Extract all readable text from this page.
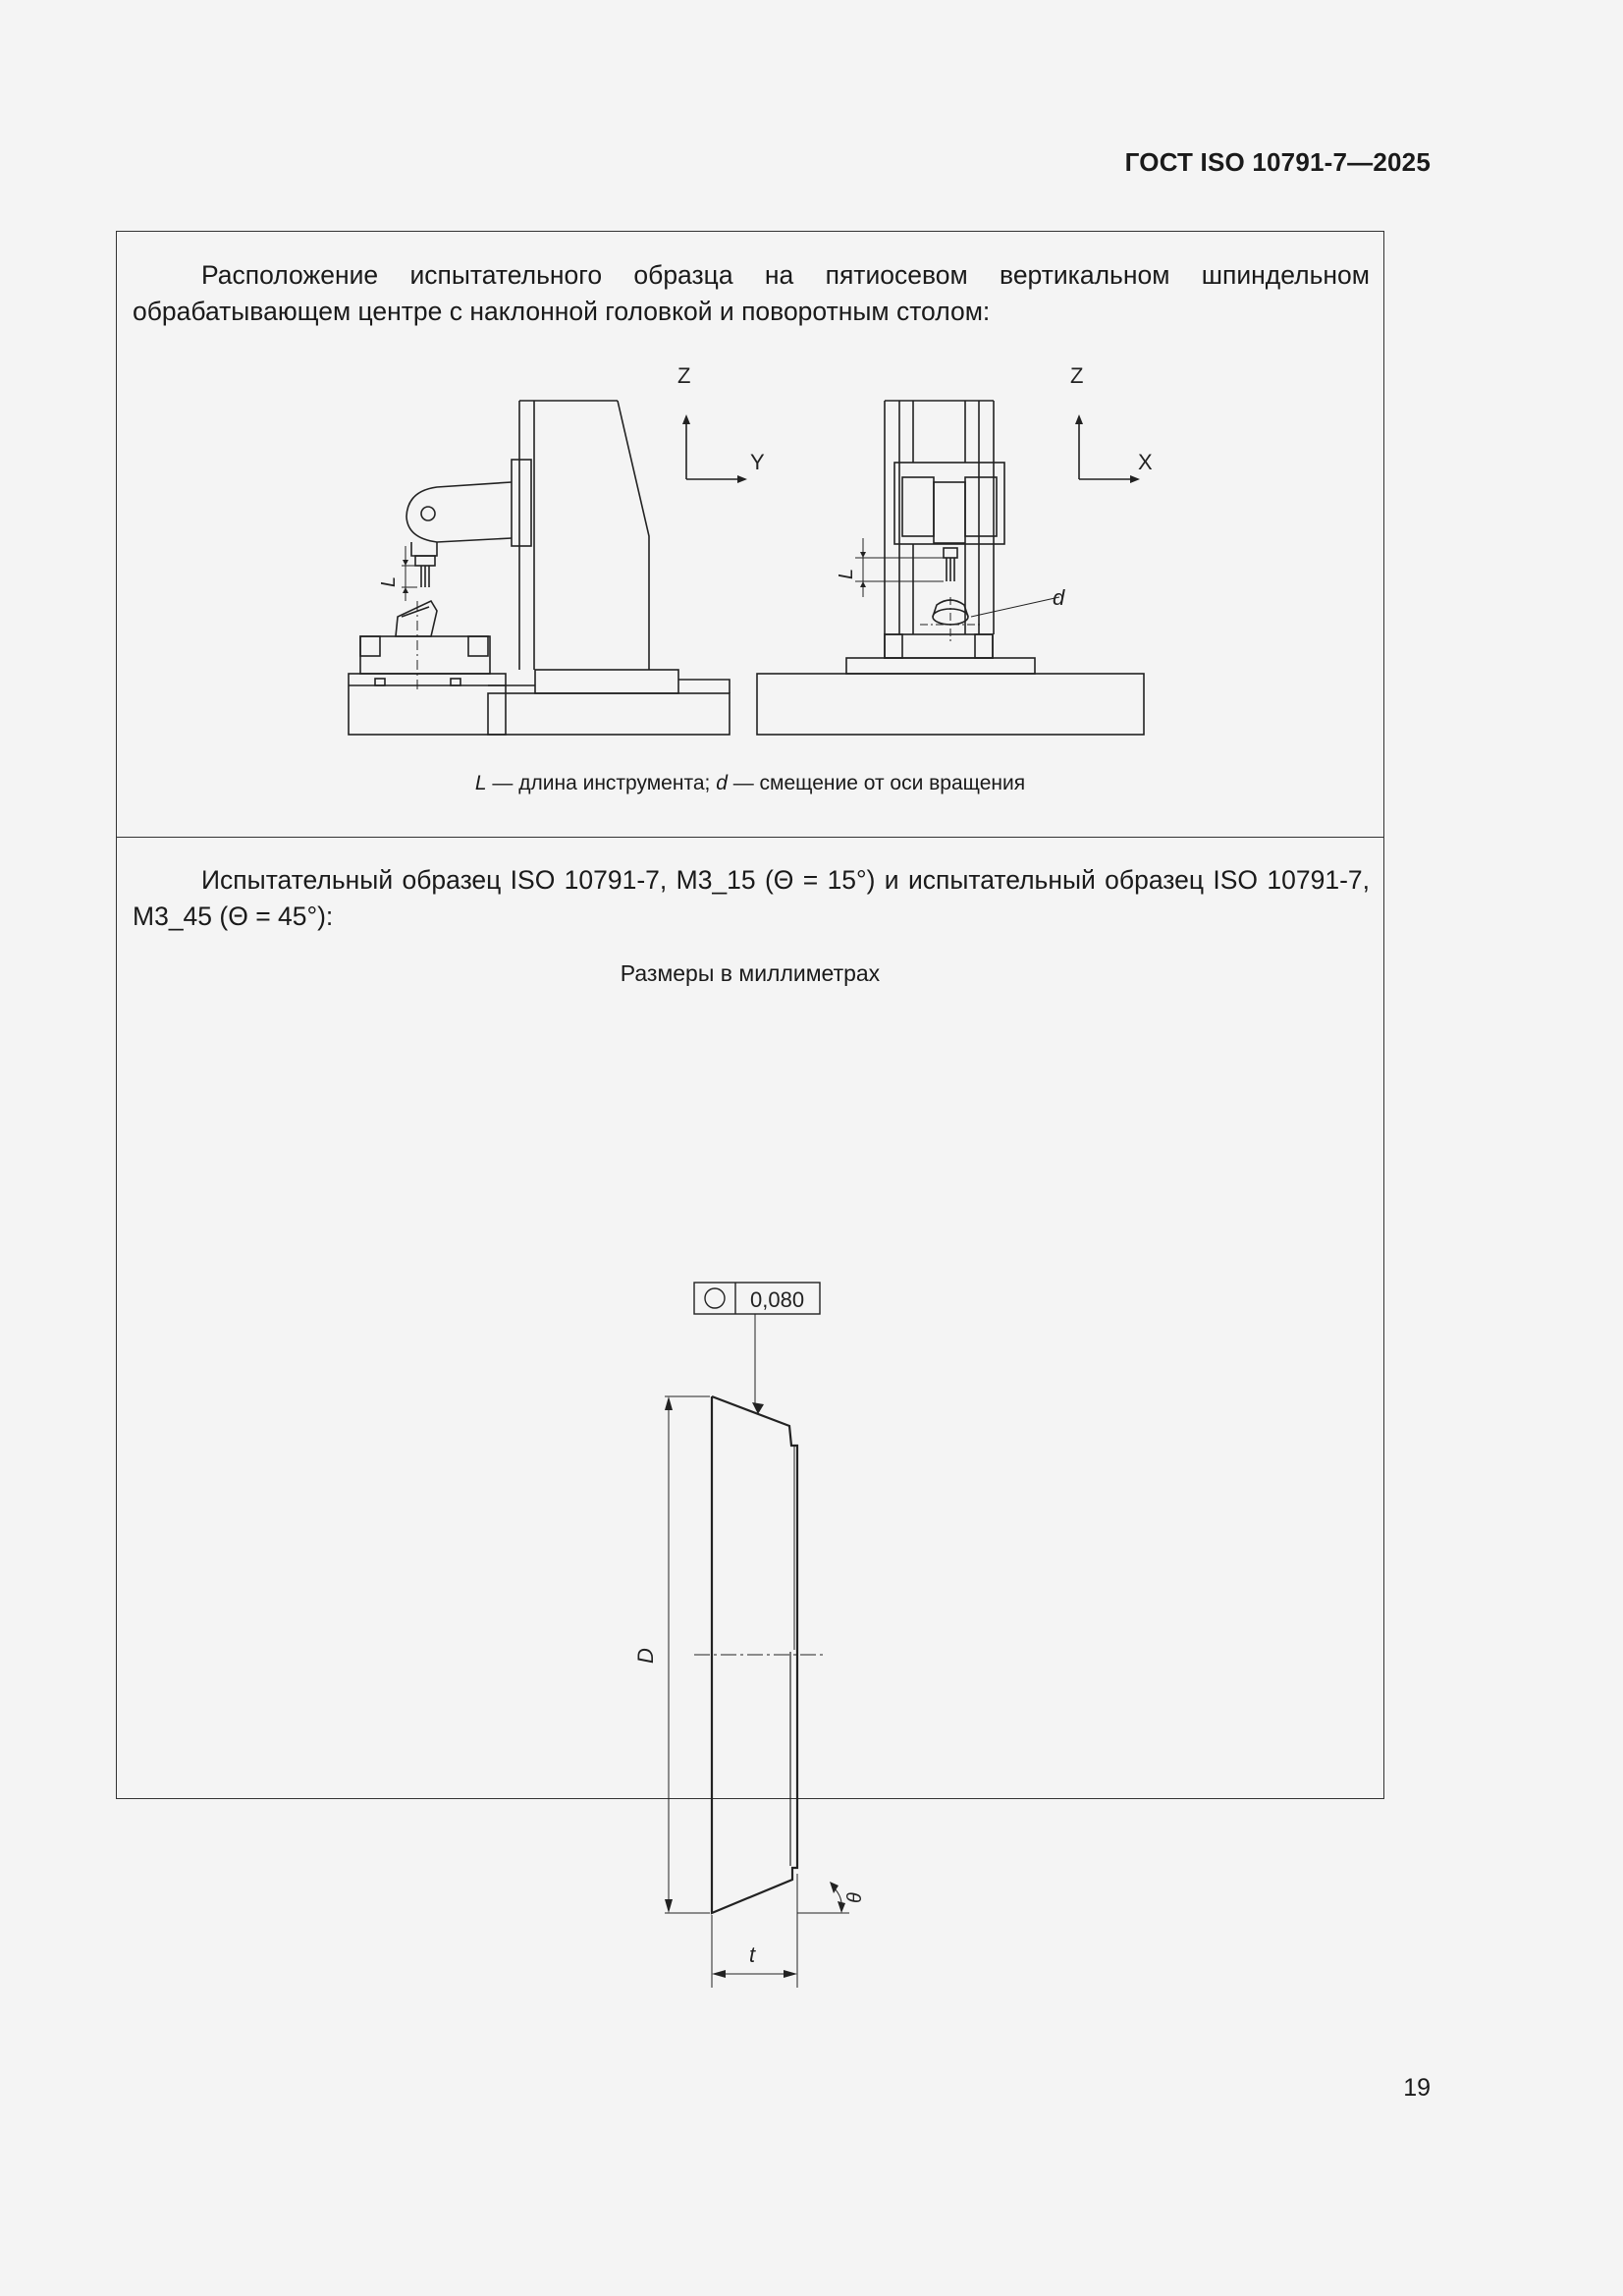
ГОСТ ISO 10791-7—2025
Расположение испытательного образца на пятиосевом вертикальном шпиндельном обрабатывающем центре с наклонной головкой и поворотным столом:
Z
Y
Z
X
L
L
d
L — длина инструмента; d — смещение от оси вращения
Испытательный образец ISO 10791-7, M3_15 (Θ = 15°) и испытательный образец ISO 10791-7, M3_45 (Θ = 45°):
Размеры в миллиметрах
0,080
D
t
θ
19
